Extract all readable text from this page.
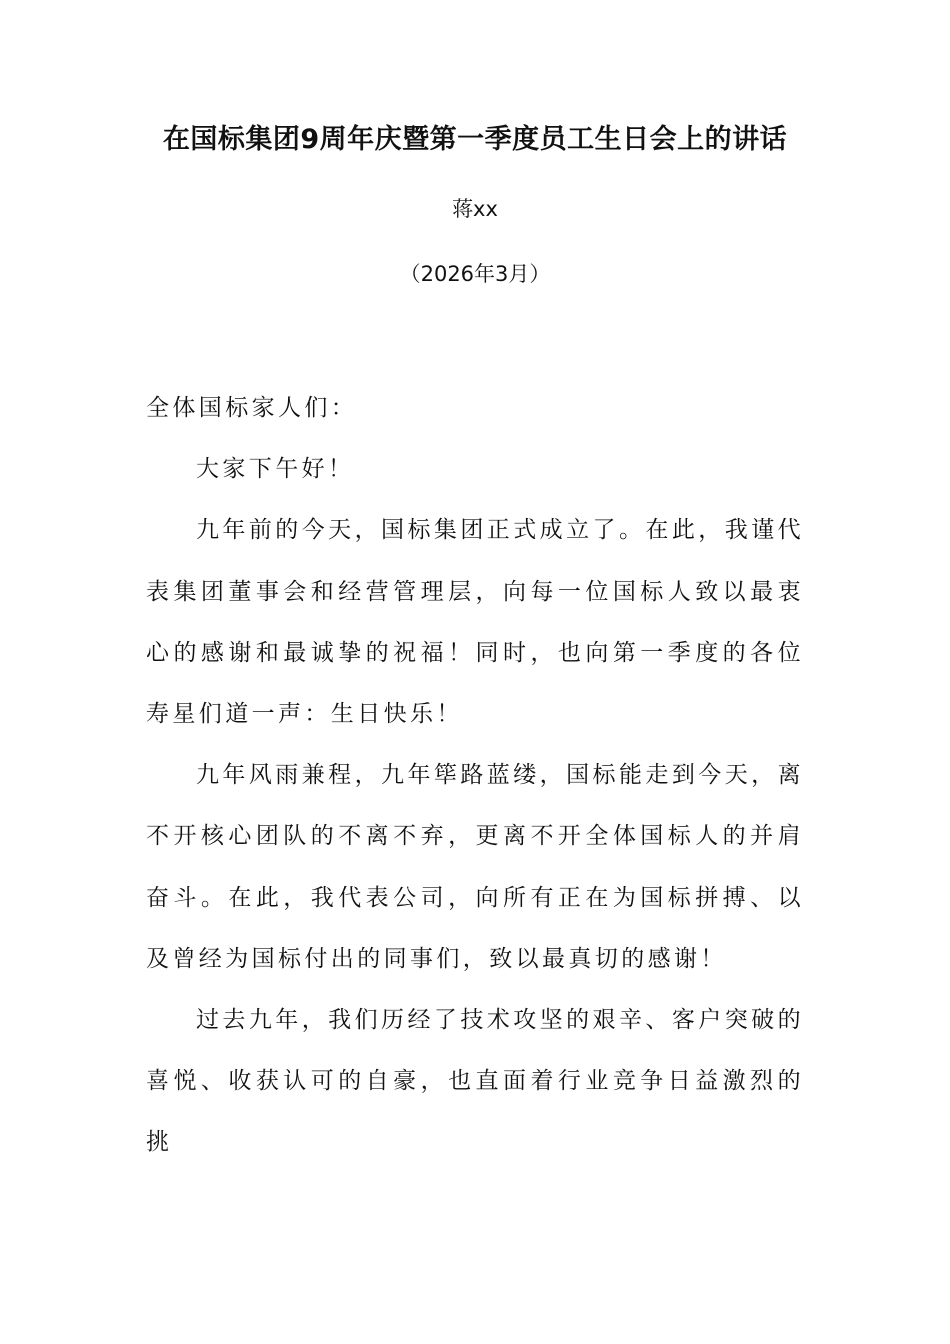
在国标集团9周年庆暨第一季度员工生日会上的讲话
蒋xx
（2026年3月）

全体国标家人们：

大家下午好！

九年前的今天，国标集团正式成立了。在此，我谨代表集团董事会和经营管理层，向每一位国标人致以最衷心的感谢和最诚挚的祝福！同时，也向第一季度的各位寿星们道一声：生日快乐！

九年风雨兼程，九年筚路蓝缕，国标能走到今天，离不开核心团队的不离不弃，更离不开全体国标人的并肩奋斗。在此，我代表公司，向所有正在为国标拼搏、以及曾经为国标付出的同事们，致以最真切的感谢！

过去九年，我们历经了技术攻坚的艰辛、客户突破的喜悦、收获认可的自豪，也直面着行业竞争日益激烈的挑
